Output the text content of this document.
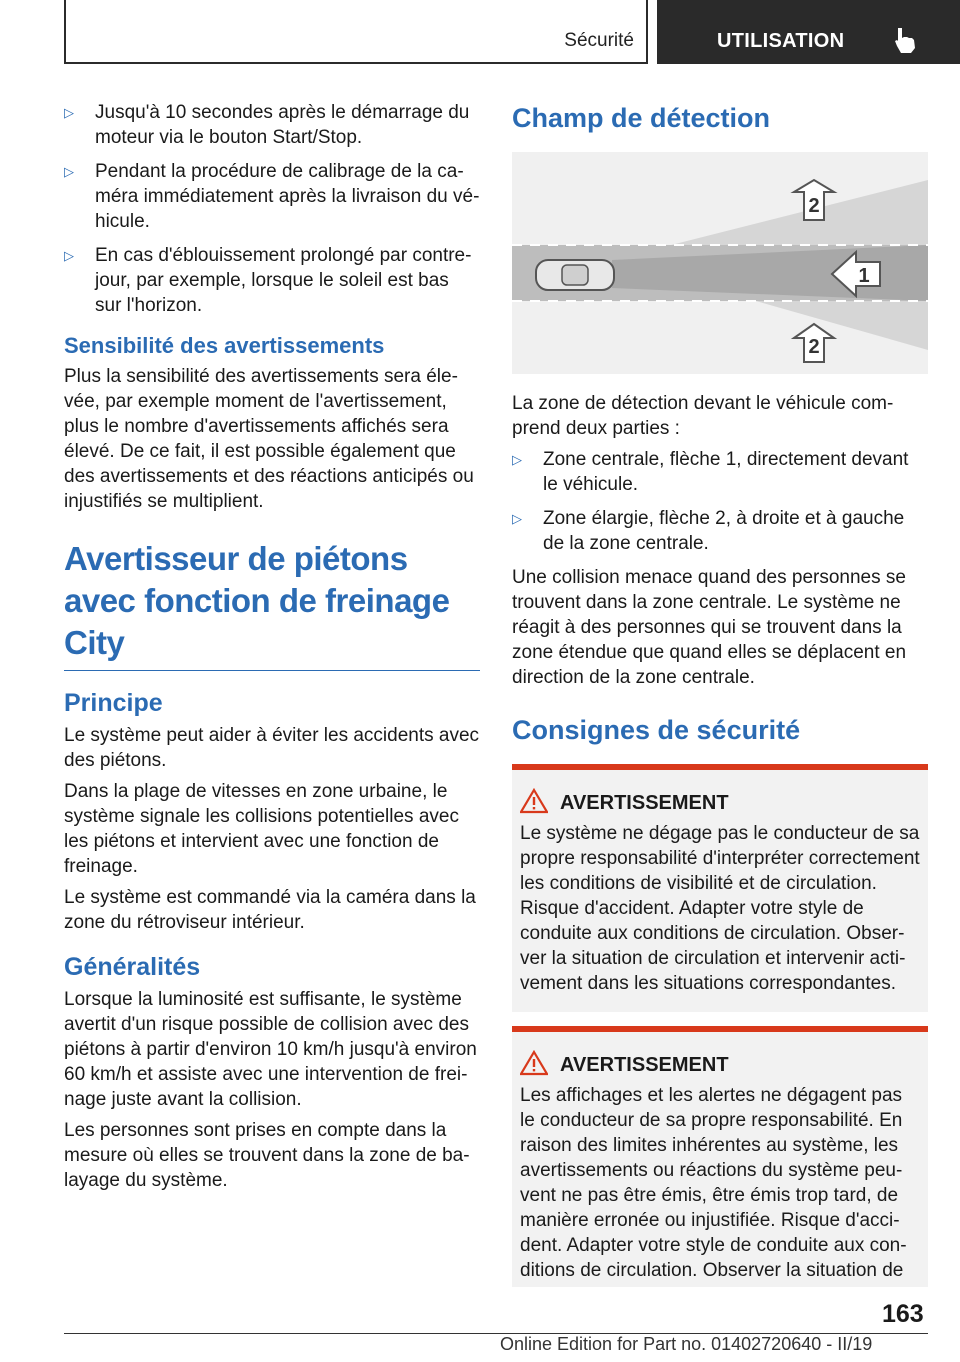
Sécurité	UTILISATION
▷ Jusqu'à 10 secondes après le démarrage du moteur via le bouton Start/Stop.
▷ Pendant la procédure de calibrage de la caméra immédiatement après la livraison du véhicule.
▷ En cas d'éblouissement prolongé par contre-jour, par exemple, lorsque le soleil est bas sur l'horizon.
Sensibilité des avertissements

Plus la sensibilité des avertissements sera élevée, par exemple moment de l'avertissement, plus le nombre d'avertissements affichés sera élevé. De ce fait, il est possible également que des avertissements et des réactions anticipés ou injustifiés se multiplient.

Avertisseur de piétons avec fonction de freinage City
Principe

Le système peut aider à éviter les accidents avec des piétons.

Dans la plage de vitesses en zone urbaine, le système signale les collisions potentielles avec les piétons et intervient avec une fonction de freinage.

Le système est commandé via la caméra dans la zone du rétroviseur intérieur.

Généralités

Lorsque la luminosité est suffisante, le système avertit d'un risque possible de collision avec des piétons à partir d'environ 10 km/h jusqu'à environ 60 km/h et assiste avec une intervention de freinage juste avant la collision.

Les personnes sont prises en compte dans la mesure où elles se trouvent dans la zone de balayage du système.

Champ de détection
2
1
2

La zone de détection devant le véhicule comprend deux parties :

▷ Zone centrale, flèche 1, directement devant le véhicule.
▷ Zone élargie, flèche 2, à droite et à gauche de la zone centrale.

Une collision menace quand des personnes se trouvent dans la zone centrale. Le système ne réagit à des personnes qui se trouvent dans la zone étendue que quand elles se déplacent en direction de la zone centrale.

Consignes de sécurité
AVERTISSEMENT

Le système ne dégage pas le conducteur de sa propre responsabilité d'interpréter correctement les conditions de visibilité et de circulation. Risque d'accident. Adapter votre style de conduite aux conditions de circulation. Observer la situation de circulation et intervenir activement dans les situations correspondantes.

AVERTISSEMENT

Les affichages et les alertes ne dégagent pas le conducteur de sa propre responsabilité. En raison des limites inhérentes au système, les avertissements ou réactions du système peuvent ne pas être émis, être émis trop tard, de manière erronée ou injustifiée. Risque d'accident. Adapter votre style de conduite aux conditions de circulation. Observer la situation de

163
Online Edition for Part no. 01402720640 - II/19
